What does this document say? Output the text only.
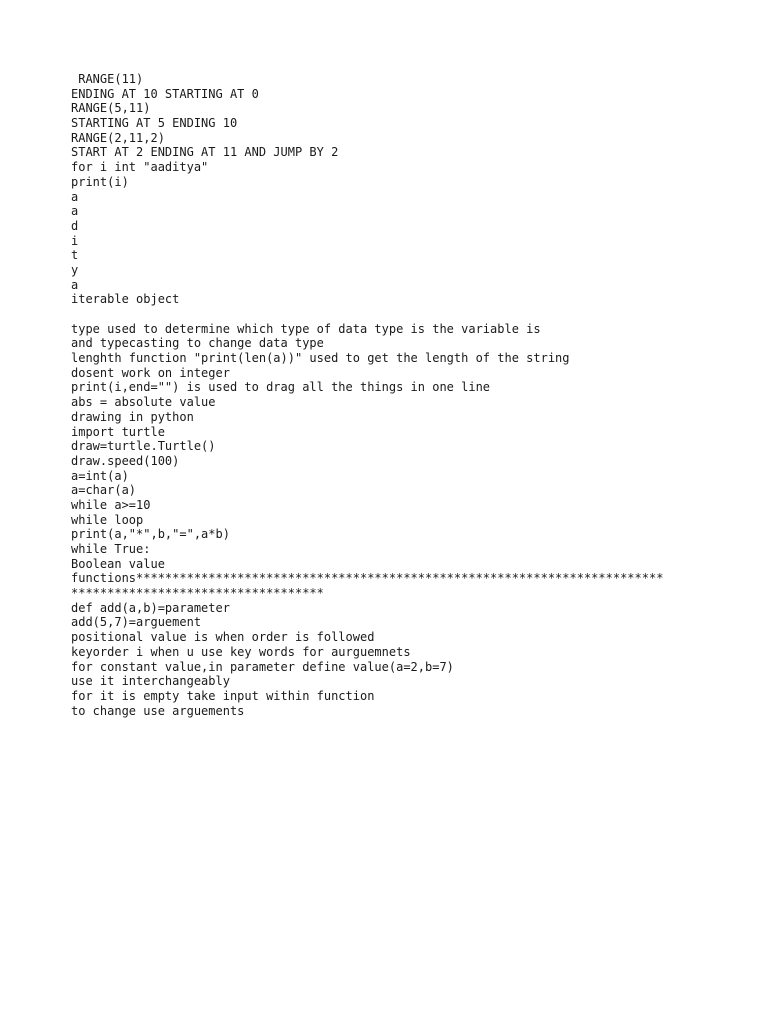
RANGE(11)
ENDING AT 10 STARTING AT 0
RANGE(5,11)
STARTING AT 5 ENDING 10
RANGE(2,11,2)
START AT 2 ENDING AT 11 AND JUMP BY 2
for i int "aaditya"
print(i)
a
a
d
i
t
y
a
iterable object
type used to determine which type of data type is the variable is
and typecasting to change data type
lenghth function "print(len(a))" used to get the length of the string
dosent work on integer
print(i,end="") is used to drag all the things in one line
abs = absolute value
drawing in python
import turtle
draw=turtle.Turtle()
draw.speed(100)
a=int(a)
a=char(a)
while a>=10
while loop
print(a,"*",b,"=",a*b)
while True:
Boolean value
functions*************************************************************************
***********************************
def add(a,b)=parameter
add(5,7)=arguement
positional value is when order is followed
keyorder i when u use key words for aurguemnets
for constant value,in parameter define value(a=2,b=7)
use it interchangeably
for it is empty take input within function
to change use arguements
